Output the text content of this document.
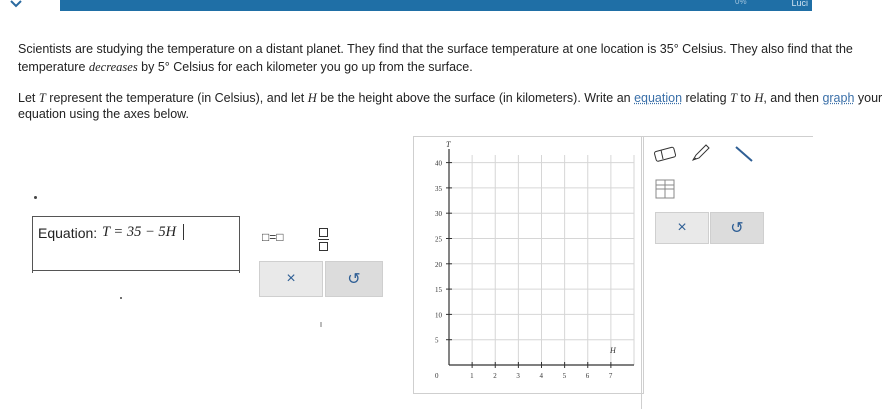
0%	Luci
Scientists are studying the temperature on a distant planet. They find that the surface temperature at one location is 35° Celsius. They also find that the
temperature decreases by 5° Celsius for each kilometer you go up from the surface.
Let T represent the temperature (in Celsius), and let H be the height above the surface (in kilometers). Write an equation relating T to H, and then graph your
equation using the axes below.
Equation: T = 35 − 5H	□=□
×	↺
T
H
0	1	2	3	4	5	6	7
5
10
15
20
25
30
35
40
×	↺
